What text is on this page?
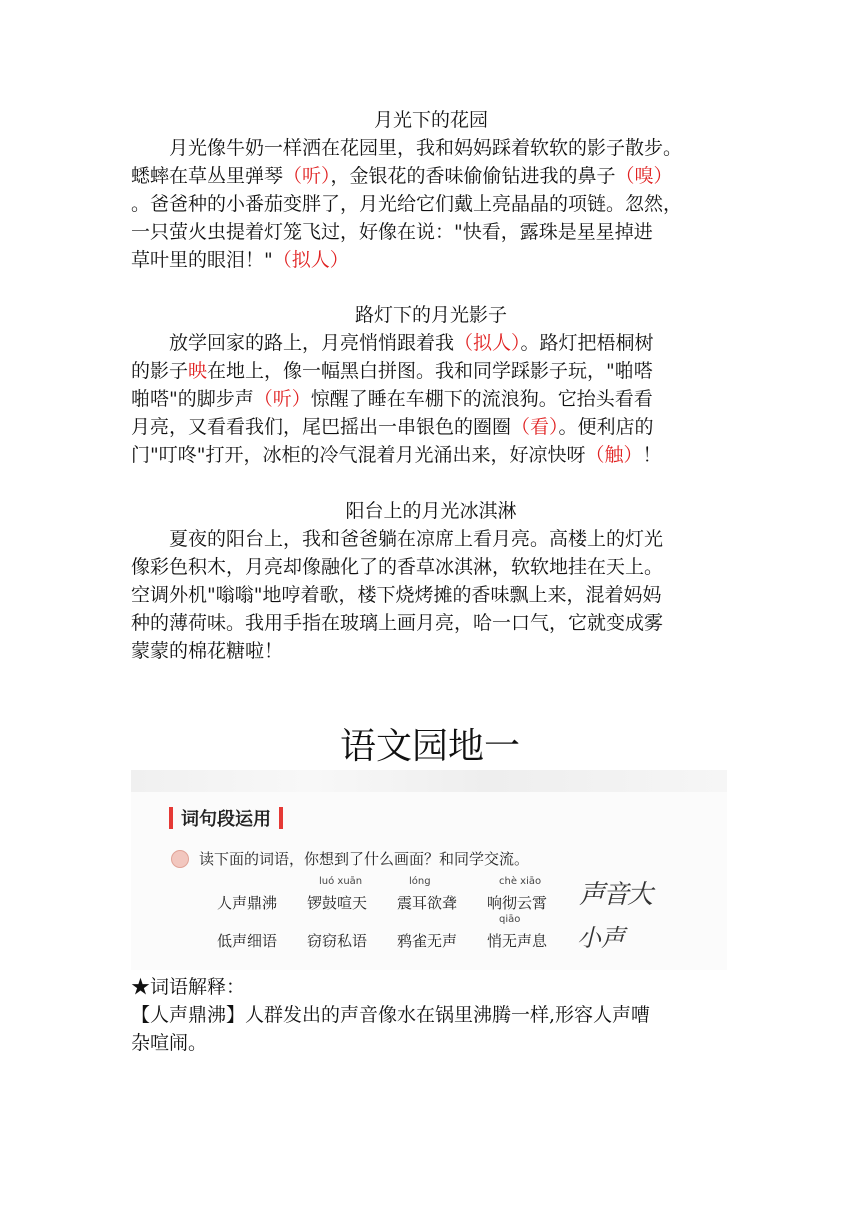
月光下的花园
　　月光像牛奶一样洒在花园里，我和妈妈踩着软软的影子散步。
蟋蟀在草丛里弹琴（听），金银花的香味偷偷钻进我的鼻子（嗅）
。爸爸种的小番茄变胖了，月光给它们戴上亮晶晶的项链。忽然，
一只萤火虫提着灯笼飞过，好像在说："快看，露珠是星星掉进
草叶里的眼泪！"（拟人）
路灯下的月光影子
　　放学回家的路上，月亮悄悄跟着我（拟人）。路灯把梧桐树
的影子映在地上，像一幅黑白拼图。我和同学踩影子玩，"啪嗒
啪嗒"的脚步声（听）惊醒了睡在车棚下的流浪狗。它抬头看看
月亮，又看看我们，尾巴摇出一串银色的圈圈（看）。便利店的
门"叮咚"打开，冰柜的冷气混着月光涌出来，好凉快呀（触）！
阳台上的月光冰淇淋
　　夏夜的阳台上，我和爸爸躺在凉席上看月亮。高楼上的灯光
像彩色积木，月亮却像融化了的香草冰淇淋，软软地挂在天上。
空调外机"嗡嗡"地哼着歌，楼下烧烤摊的香味飘上来，混着妈妈
种的薄荷味。我用手指在玻璃上画月亮，哈一口气，它就变成雾
蒙蒙的棉花糖啦！
语文园地一
词句段运用
读下面的词语，你想到了什么画面？和同学交流。
人声鼎沸
luó xuān
锣鼓喧天
lóng
震耳欲聋
chè xiāo
响彻云霄
低声细语	窃窃私语	鸦雀无声
qiāo
悄无声息
声音大
小声
★词语解释：
【人声鼎沸】人群发出的声音像水在锅里沸腾一样,形容人声嘈
杂喧闹。
